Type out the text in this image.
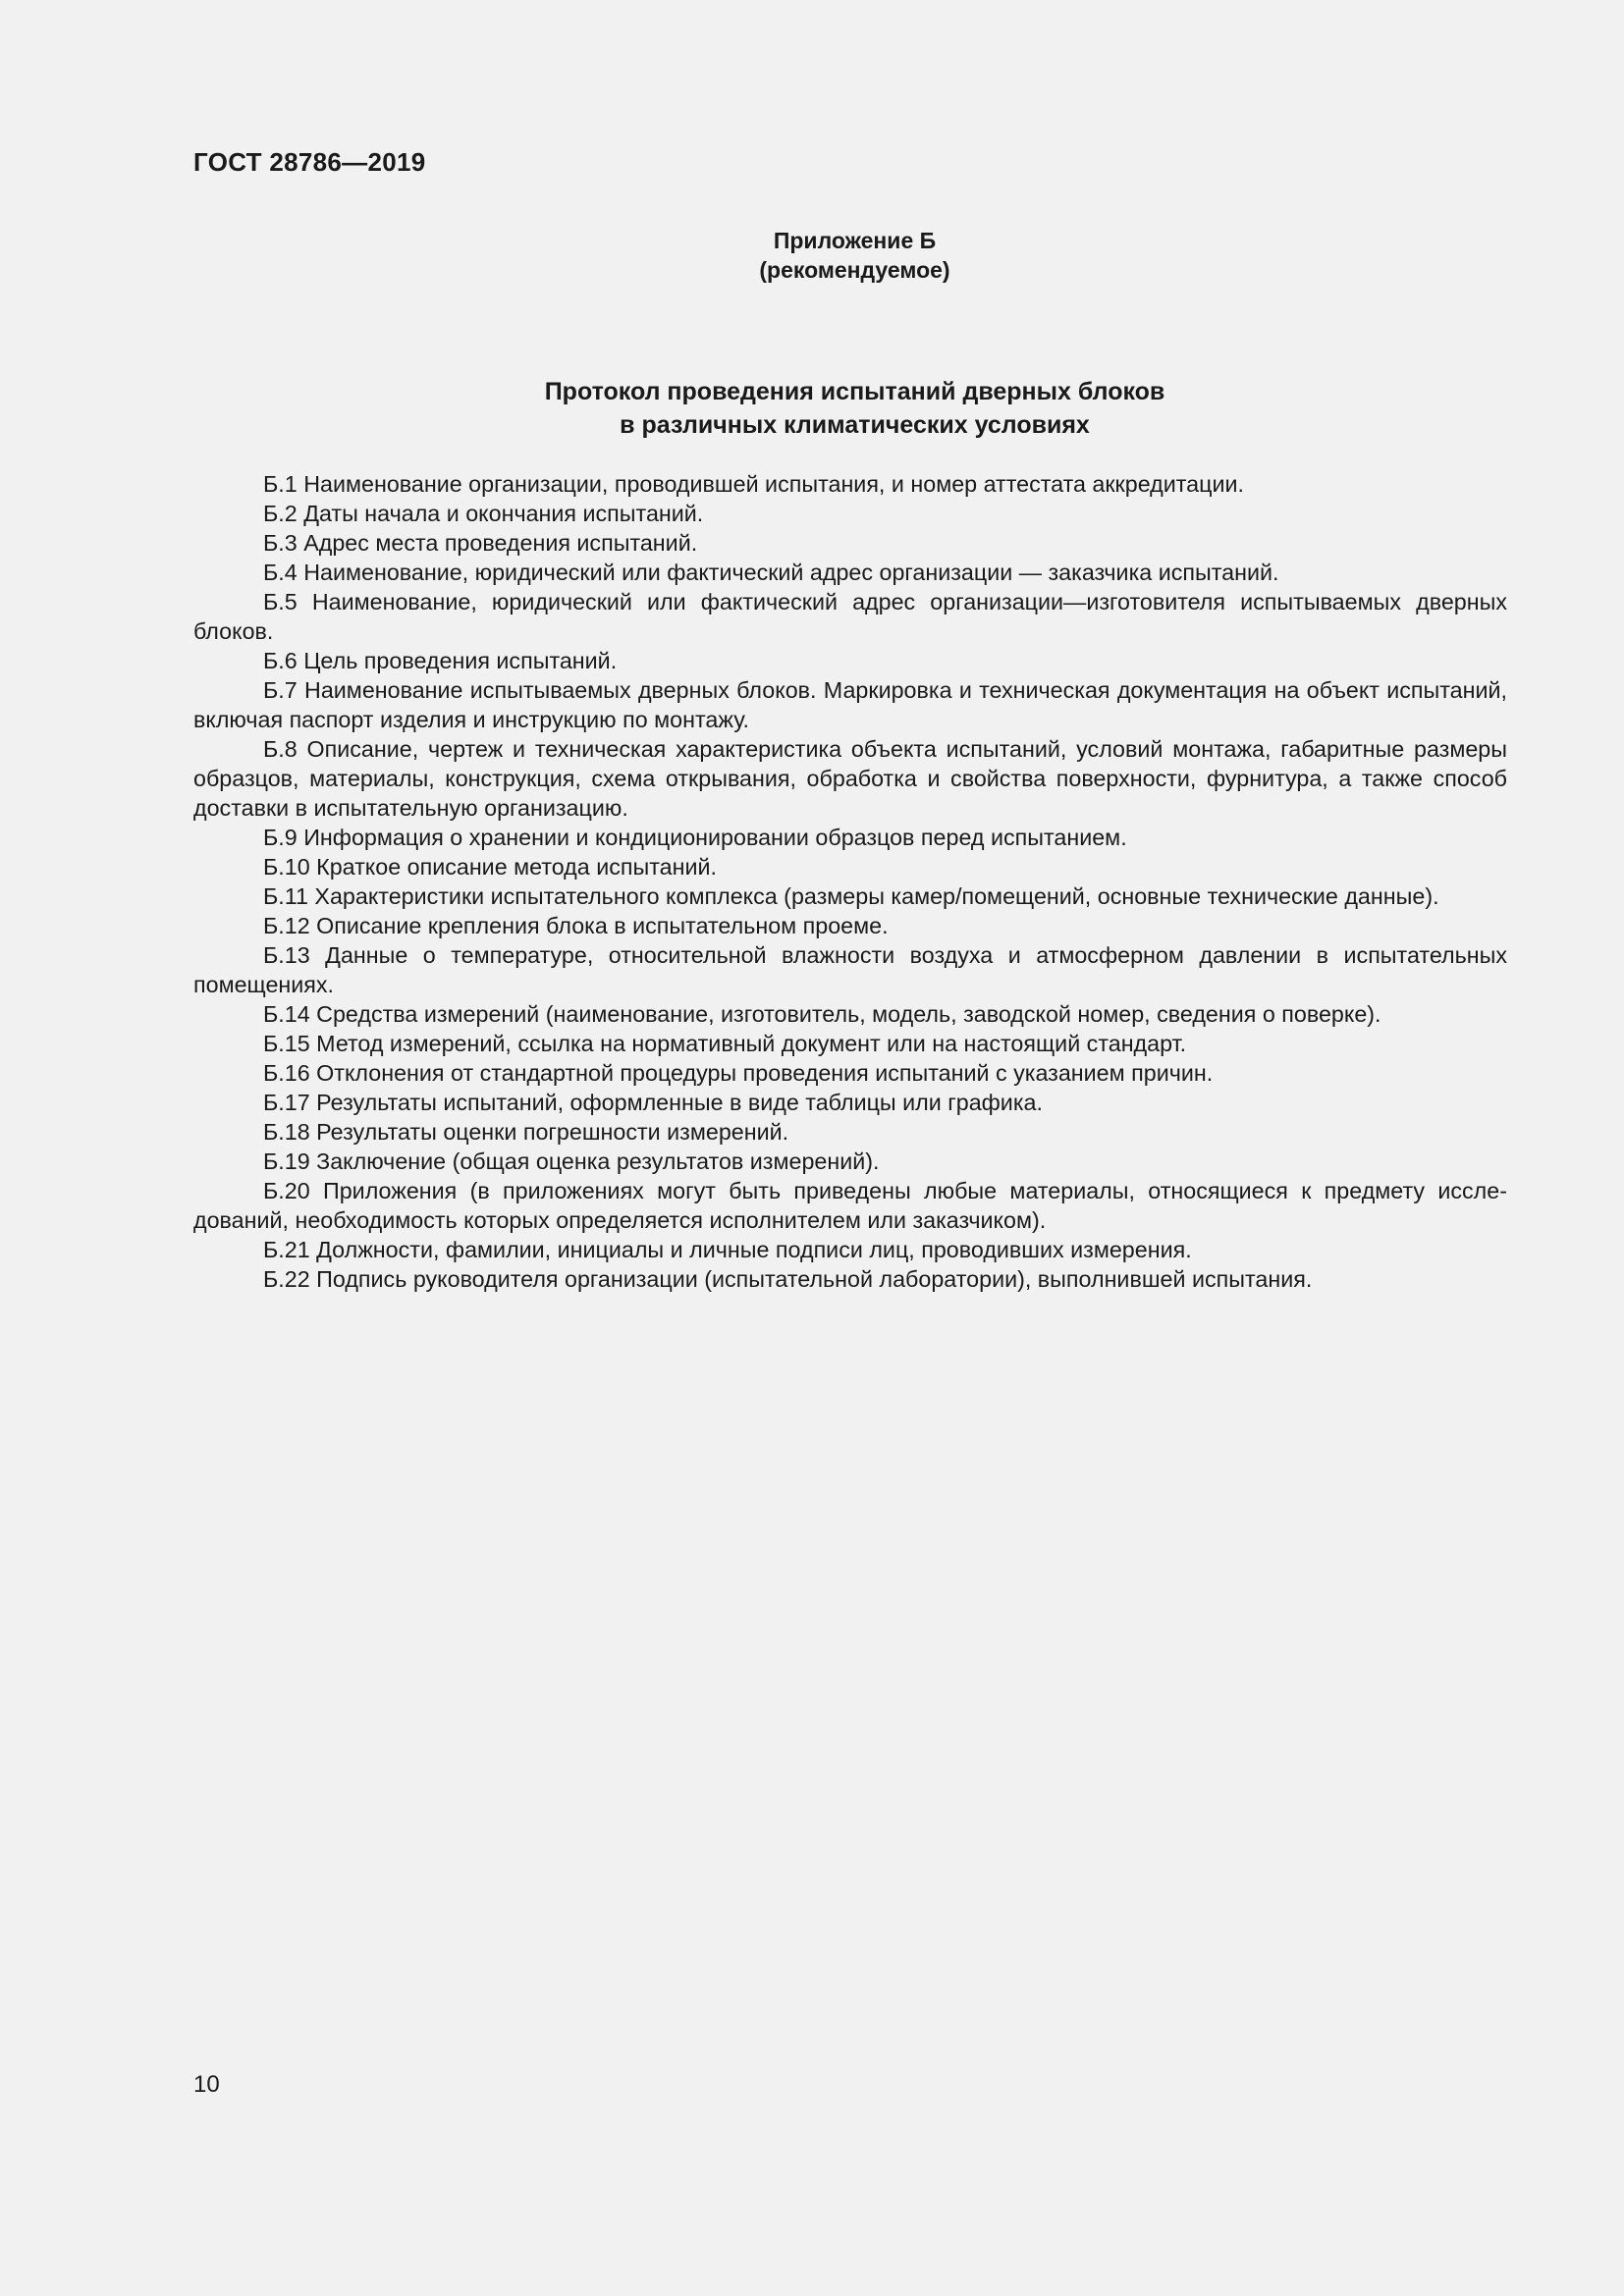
ГОСТ 28786—2019
Приложение Б
(рекомендуемое)
Протокол проведения испытаний дверных блоков
в различных климатических условиях

Б.1 Наименование организации, проводившей испытания, и номер аттестата аккредитации.

Б.2 Даты начала и окончания испытаний.

Б.3 Адрес места проведения испытаний.

Б.4 Наименование, юридический или фактический адрес организации — заказчика испытаний.

Б.5 Наименование, юридический или фактический адрес организации—изготовителя испытываемых дверных блоков.

Б.6 Цель проведения испытаний.

Б.7 Наименование испытываемых дверных блоков. Маркировка и техническая документация на объект испытаний, включая паспорт изделия и инструкцию по монтажу.

Б.8 Описание, чертеж и техническая характеристика объекта испытаний, условий монтажа, габаритные размеры образцов, материалы, конструкция, схема открывания, обработка и свойства поверхности, фурнитура, а также способ доставки в испытательную организацию.

Б.9 Информация о хранении и кондиционировании образцов перед испытанием.

Б.10 Краткое описание метода испытаний.

Б.11 Характеристики испытательного комплекса (размеры камер/помещений, основные технические данные).

Б.12 Описание крепления блока в испытательном проеме.

Б.13 Данные о температуре, относительной влажности воздуха и атмосферном давлении в испытательных помещениях.

Б.14 Средства измерений (наименование, изготовитель, модель, заводской номер, сведения о поверке).

Б.15 Метод измерений, ссылка на нормативный документ или на настоящий стандарт.

Б.16 Отклонения от стандартной процедуры проведения испытаний с указанием причин.

Б.17 Результаты испытаний, оформленные в виде таблицы или графика.

Б.18 Результаты оценки погрешности измерений.

Б.19 Заключение (общая оценка результатов измерений).

Б.20 Приложения (в приложениях могут быть приведены любые материалы, относящиеся к предмету исследований, необходимость которых определяется исполнителем или заказчиком).

Б.21 Должности, фамилии, инициалы и личные подписи лиц, проводивших измерения.

Б.22 Подпись руководителя организации (испытательной лаборатории), выполнившей испытания.

10
